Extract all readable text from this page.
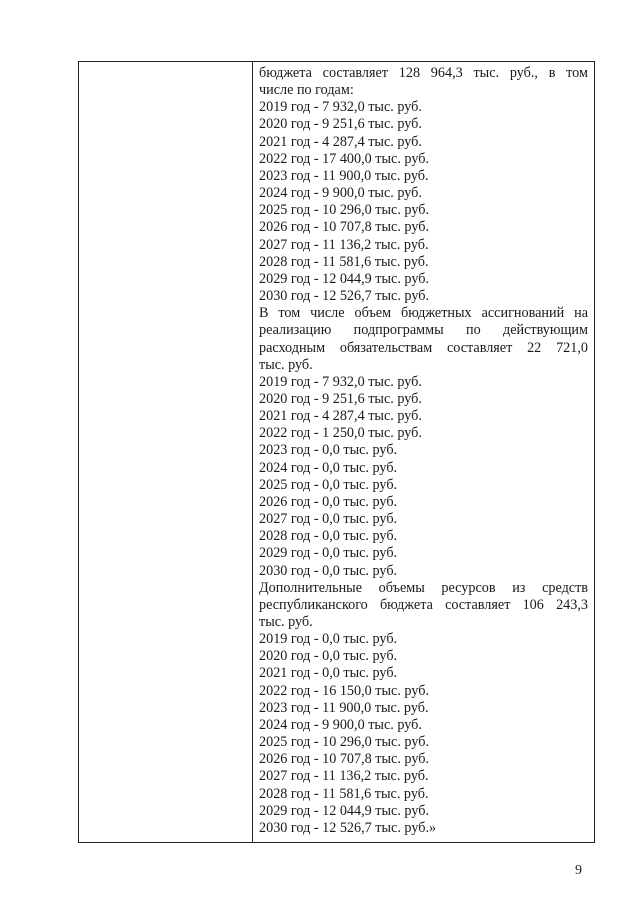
бюджета составляет 128 964,3 тыс. руб., в том
числе по годам:
2019 год - 7 932,0 тыс. руб.
2020 год - 9 251,6 тыс. руб.
2021 год - 4 287,4 тыс. руб.
2022 год - 17 400,0 тыс. руб.
2023 год - 11 900,0 тыс. руб.
2024 год - 9 900,0 тыс. руб.
2025 год - 10 296,0 тыс. руб.
2026 год - 10 707,8 тыс. руб.
2027 год - 11 136,2 тыс. руб.
2028 год - 11 581,6 тыс. руб.
2029 год - 12 044,9 тыс. руб.
2030 год - 12 526,7 тыс. руб.
В том числе объем бюджетных ассигнований на
реализацию подпрограммы по действующим
расходным обязательствам составляет 22 721,0
тыс. руб.
2019 год - 7 932,0 тыс. руб.
2020 год - 9 251,6 тыс. руб.
2021 год - 4 287,4 тыс. руб.
2022 год - 1 250,0 тыс. руб.
2023 год - 0,0 тыс. руб.
2024 год - 0,0 тыс. руб.
2025 год - 0,0 тыс. руб.
2026 год - 0,0 тыс. руб.
2027 год - 0,0 тыс. руб.
2028 год - 0,0 тыс. руб.
2029 год - 0,0 тыс. руб.
2030 год - 0,0 тыс. руб.
Дополнительные объемы ресурсов из средств
республиканского бюджета составляет 106 243,3
тыс. руб.
2019 год - 0,0 тыс. руб.
2020 год - 0,0 тыс. руб.
2021 год - 0,0 тыс. руб.
2022 год - 16 150,0 тыс. руб.
2023 год - 11 900,0 тыс. руб.
2024 год - 9 900,0 тыс. руб.
2025 год - 10 296,0 тыс. руб.
2026 год - 10 707,8 тыс. руб.
2027 год - 11 136,2 тыс. руб.
2028 год - 11 581,6 тыс. руб.
2029 год - 12 044,9 тыс. руб.
2030 год - 12 526,7 тыс. руб.»
9
